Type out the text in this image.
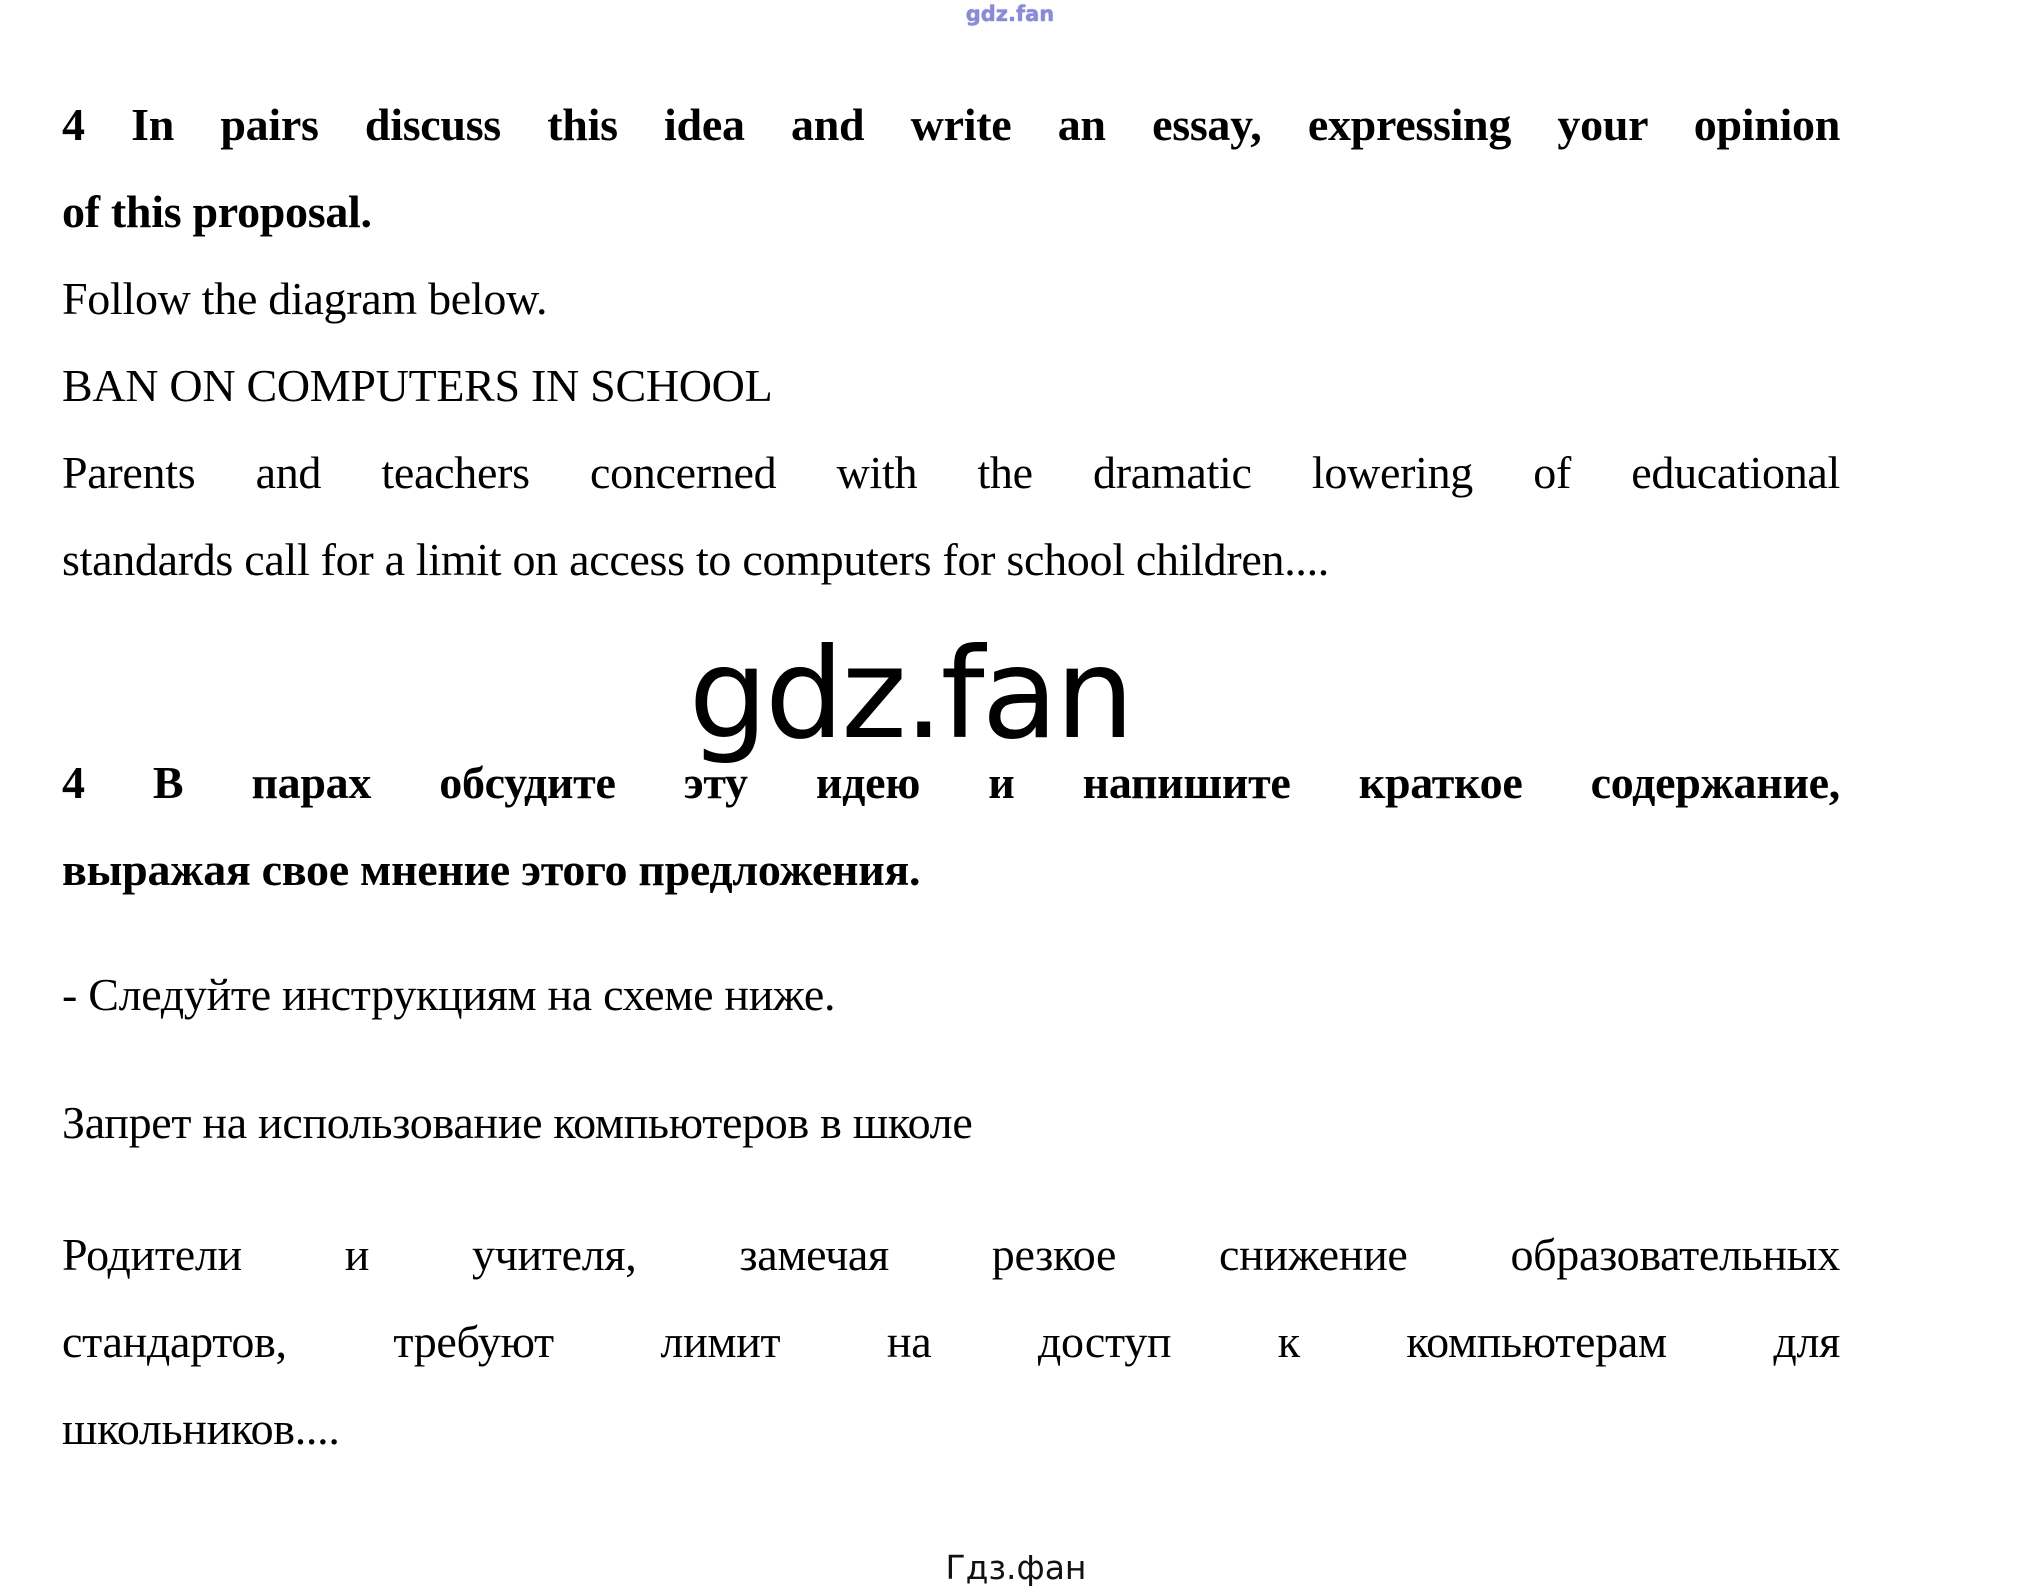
gdz.fan
4 In pairs discuss this idea and write an essay, expressing your opinion
of this proposal.
Follow the diagram below.
BAN ON COMPUTERS IN SCHOOL
Parents and teachers concerned with the dramatic lowering of educational
standards call for a limit on access to computers for school children....
gdz.fan
4 В парах обсудите эту идею и напишите краткое содержание,
выражая свое мнение этого предложения.
- Следуйте инструкциям на схеме ниже.
Запрет на использование компьютеров в школе
Родители и учителя, замечая резкое снижение образовательных
стандартов, требуют лимит на доступ к компьютерам для
школьников....
Гдз.фан
